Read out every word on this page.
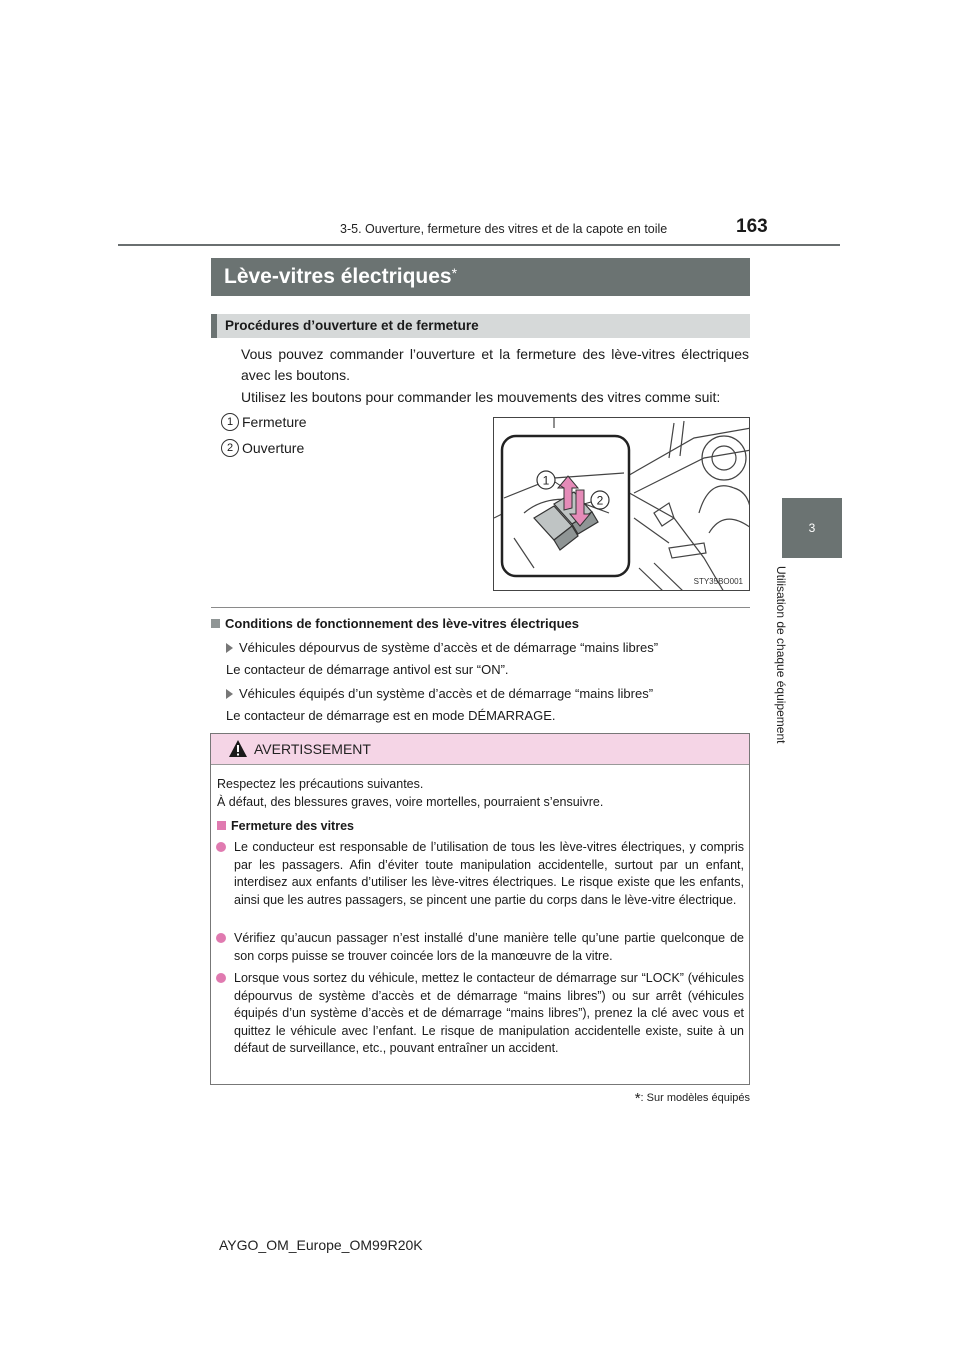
3-5. Ouverture, fermeture des vitres et de la capote en toile	163
3
Utilisation de chaque équipement
Lève-vitres électriques*
Procédures d’ouverture et de fermeture
Vous pouvez commander l’ouverture et la fermeture des lève-vitres électriques avec les boutons.
Utilisez les boutons pour commander les mouvements des vitres comme suit:
1 Fermeture
2 Ouverture
1
2
STY35BO001
Conditions de fonctionnement des lève-vitres électriques
Véhicules dépourvus de système d’accès et de démarrage “mains libres”
Le contacteur de démarrage antivol est sur “ON”.
Véhicules équipés d’un système d’accès et de démarrage “mains libres”
Le contacteur de démarrage est en mode DÉMARRAGE.
AVERTISSEMENT
Respectez les précautions suivantes.
À défaut, des blessures graves, voire mortelles, pourraient s’ensuivre.
Fermeture des vitres
Le conducteur est responsable de l’utilisation de tous les lève-vitres électriques, y compris par les passagers. Afin d’éviter toute manipulation accidentelle, surtout par un enfant, interdisez aux enfants d’utiliser les lève-vitres électriques. Le risque existe que les enfants, ainsi que les autres passagers, se pincent une partie du corps dans le lève-vitre électrique.
Vérifiez qu’aucun passager n’est installé d’une manière telle qu’une partie quelconque de son corps puisse se trouver coincée lors de la manœuvre de la vitre.
Lorsque vous sortez du véhicule, mettez le contacteur de démarrage sur “LOCK” (véhicules dépourvus de système d’accès et de démarrage “mains libres”) ou sur arrêt (véhicules équipés d’un système d’accès et de démarrage “mains libres”), prenez la clé avec vous et quittez le véhicule avec l’enfant. Le risque de manipulation accidentelle existe, suite à un défaut de surveillance, etc., pouvant entraîner un accident.
*: Sur modèles équipés
AYGO_OM_Europe_OM99R20K
